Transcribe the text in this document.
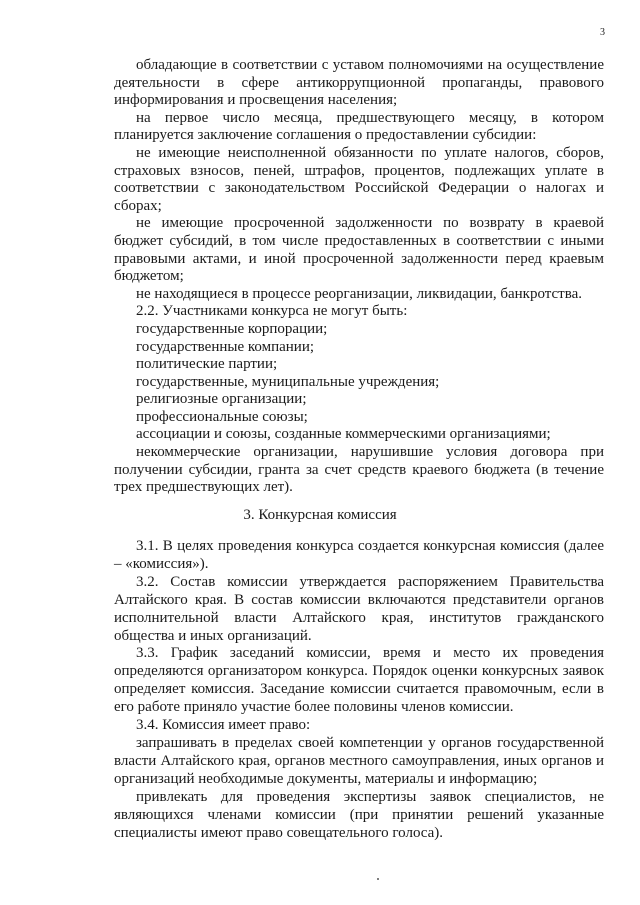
3

обладающие в соответствии с уставом полномочиями на осуществление деятельности в сфере антикоррупционной пропаганды, правового информирования и просвещения населения;

на первое число месяца, предшествующего месяцу, в котором планируется заключение соглашения о предоставлении субсидии:

не имеющие неисполненной обязанности по уплате налогов, сборов, страховых взносов, пеней, штрафов, процентов, подлежащих уплате в соответствии с законодательством Российской Федерации о налогах и сборах;

не имеющие просроченной задолженности по возврату в краевой бюджет субсидий, в том числе предоставленных в соответствии с иными правовыми актами, и иной просроченной задолженности перед краевым бюджетом;

не находящиеся в процессе реорганизации, ликвидации, банкротства.

2.2. Участниками конкурса не могут быть:

государственные корпорации;

государственные компании;

политические партии;

государственные, муниципальные учреждения;

религиозные организации;

профессиональные союзы;

ассоциации и союзы, созданные коммерческими организациями;

некоммерческие организации, нарушившие условия договора при получении субсидии, гранта за счет средств краевого бюджета (в течение трех предшествующих лет).

3. Конкурсная комиссия

3.1. В целях проведения конкурса создается конкурсная комиссия (далее – «комиссия»).

3.2. Состав комиссии утверждается распоряжением Правительства Алтайского края. В состав комиссии включаются представители органов исполнительной власти Алтайского края, институтов гражданского общества и иных организаций.

3.3. График заседаний комиссии, время и место их проведения определяются организатором конкурса. Порядок оценки конкурсных заявок определяет комиссия. Заседание комиссии считается правомочным, если в его работе приняло участие более половины членов комиссии.

3.4. Комиссия имеет право:

запрашивать в пределах своей компетенции у органов государственной власти Алтайского края, органов местного самоуправления, иных органов и организаций необходимые документы, материалы и информацию;

привлекать для проведения экспертизы заявок специалистов, не являющихся членами комиссии (при принятии решений указанные специалисты имеют право совещательного голоса).
